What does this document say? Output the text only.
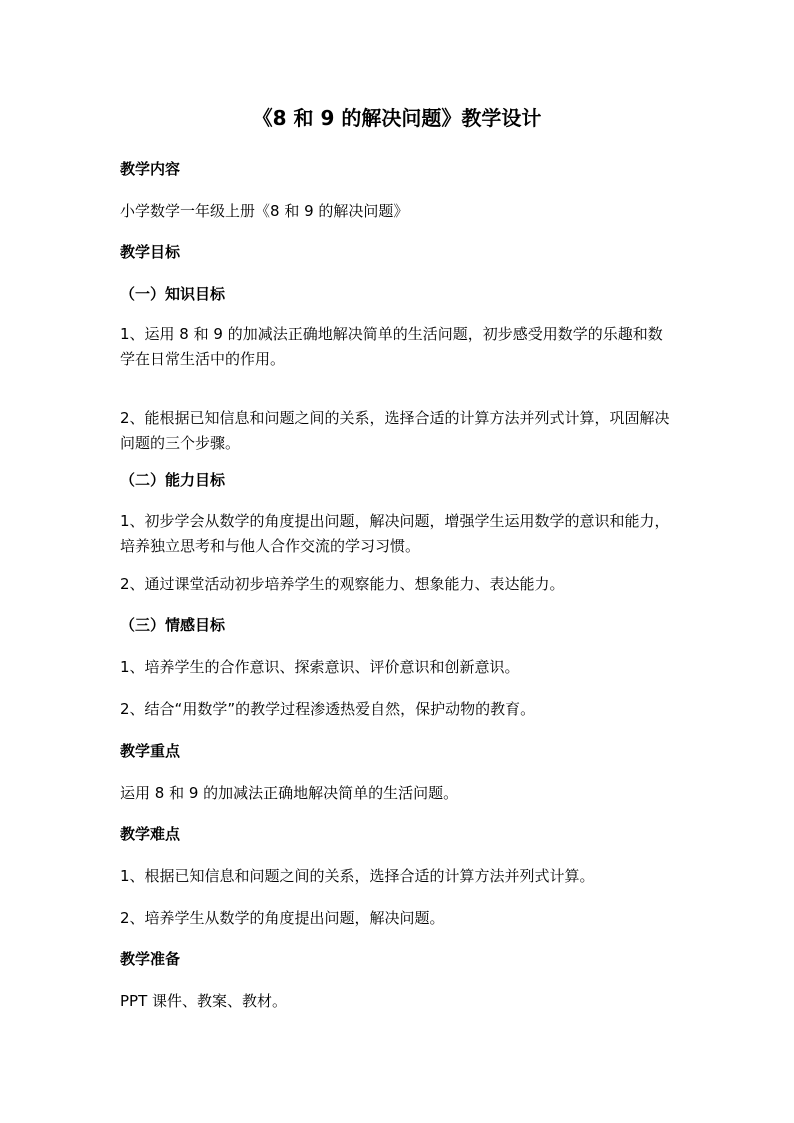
《8 和 9 的解决问题》教学设计
教学内容
小学数学一年级上册《8 和 9 的解决问题》
教学目标
（一）知识目标
1、运用 8 和 9 的加减法正确地解决简单的生活问题，初步感受用数学的乐趣和数学在日常生活中的作用。
2、能根据已知信息和问题之间的关系，选择合适的计算方法并列式计算，巩固解决问题的三个步骤。
（二）能力目标
1、初步学会从数学的角度提出问题，解决问题，增强学生运用数学的意识和能力，培养独立思考和与他人合作交流的学习习惯。
2、通过课堂活动初步培养学生的观察能力、想象能力、表达能力。
（三）情感目标
1、培养学生的合作意识、探索意识、评价意识和创新意识。
2、结合“用数学”的教学过程渗透热爱自然，保护动物的教育。
教学重点
运用 8 和 9 的加减法正确地解决简单的生活问题。
教学难点
1、根据已知信息和问题之间的关系，选择合适的计算方法并列式计算。
2、培养学生从数学的角度提出问题，解决问题。
教学准备
PPT 课件、教案、教材。
